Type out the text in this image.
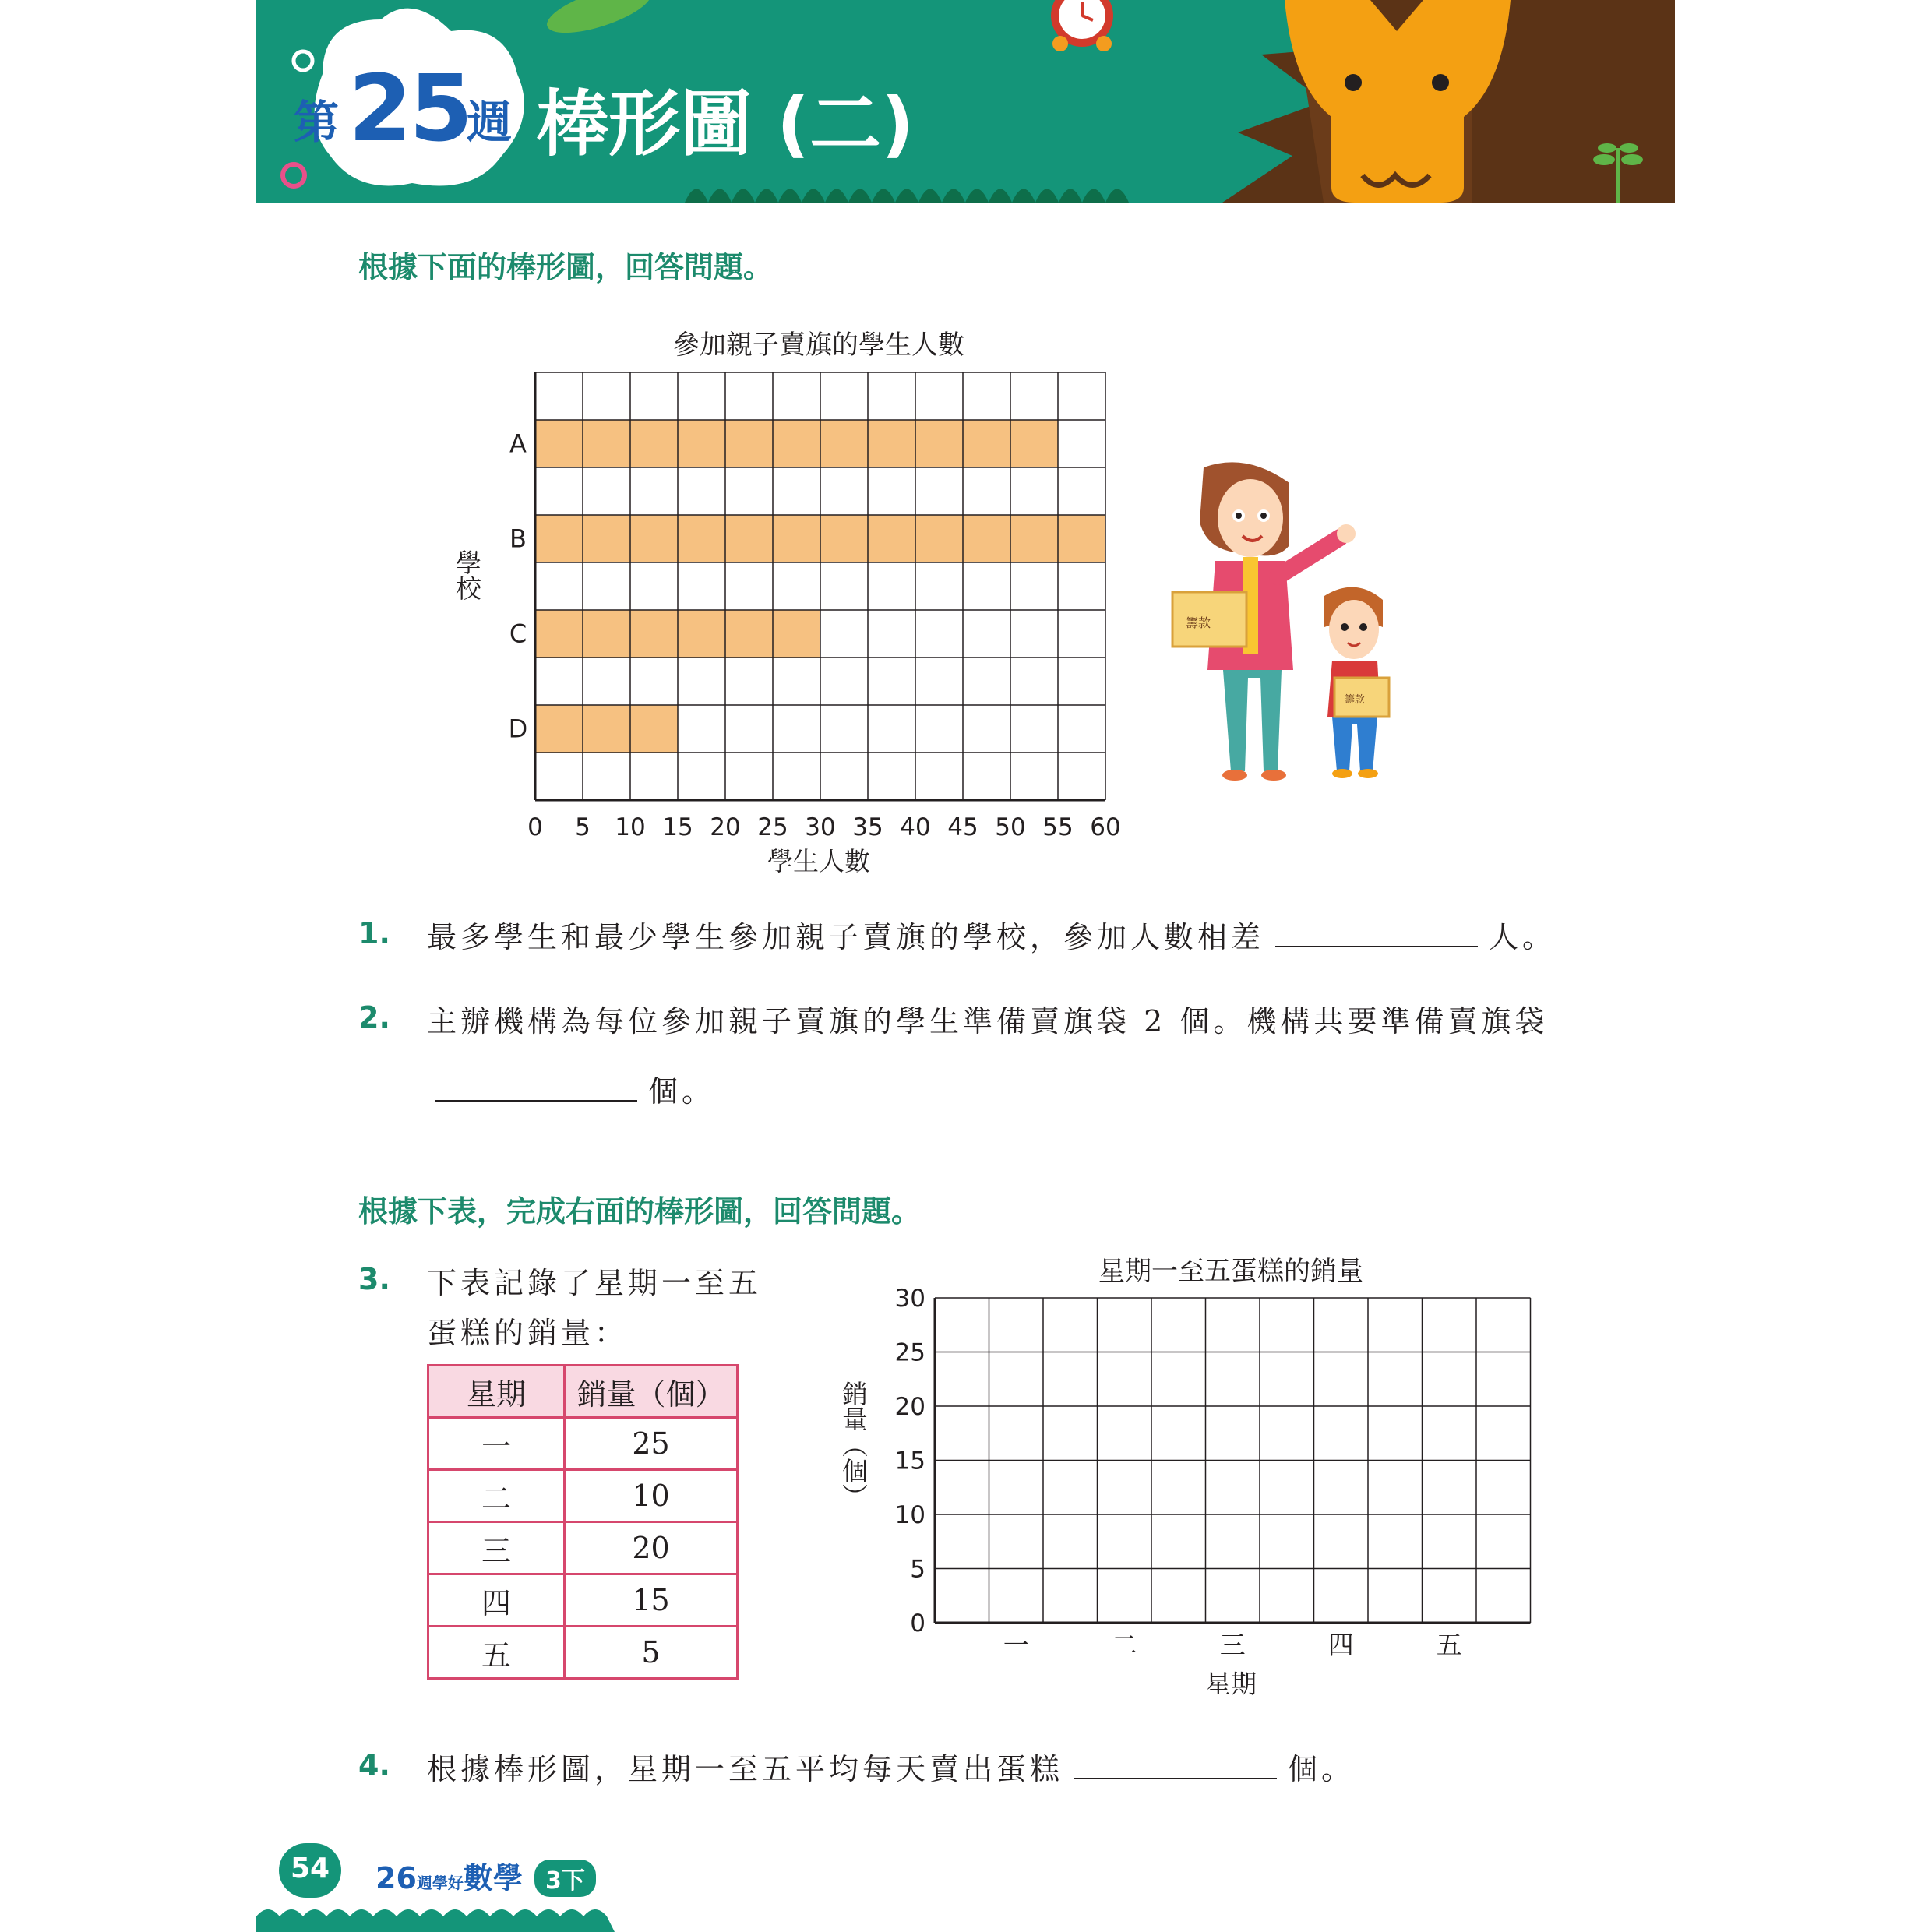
第 25
週 棒形圖 (二)
根據下面的棒形圖，回答問題。
參加親子賣旗的學生人數
A
B
C
D
0 5 10 15 20 25 30 35 40 45 50 55 60
學校
學生人數
籌款
籌款
1. 最多學生和最少學生參加親子賣旗的學校，參加人數相差	人。
2. 主辦機構為每位參加親子賣旗的學生準備賣旗袋 2 個。機構共要準備賣旗袋
個。
根據下表，完成右面的棒形圖，回答問題。
3. 下表記錄了星期一至五
蛋糕的銷量：
星期	銷量（個）
一	25
二	10
三	20
四	15
五	5
星期一至五蛋糕的銷量
0
5
10
15
20
25
30
一	二	三	四	五
銷量（個）
星期
4. 根據棒形圖，星期一至五平均每天賣出蛋糕	個。
54	26週學好數學 3下
